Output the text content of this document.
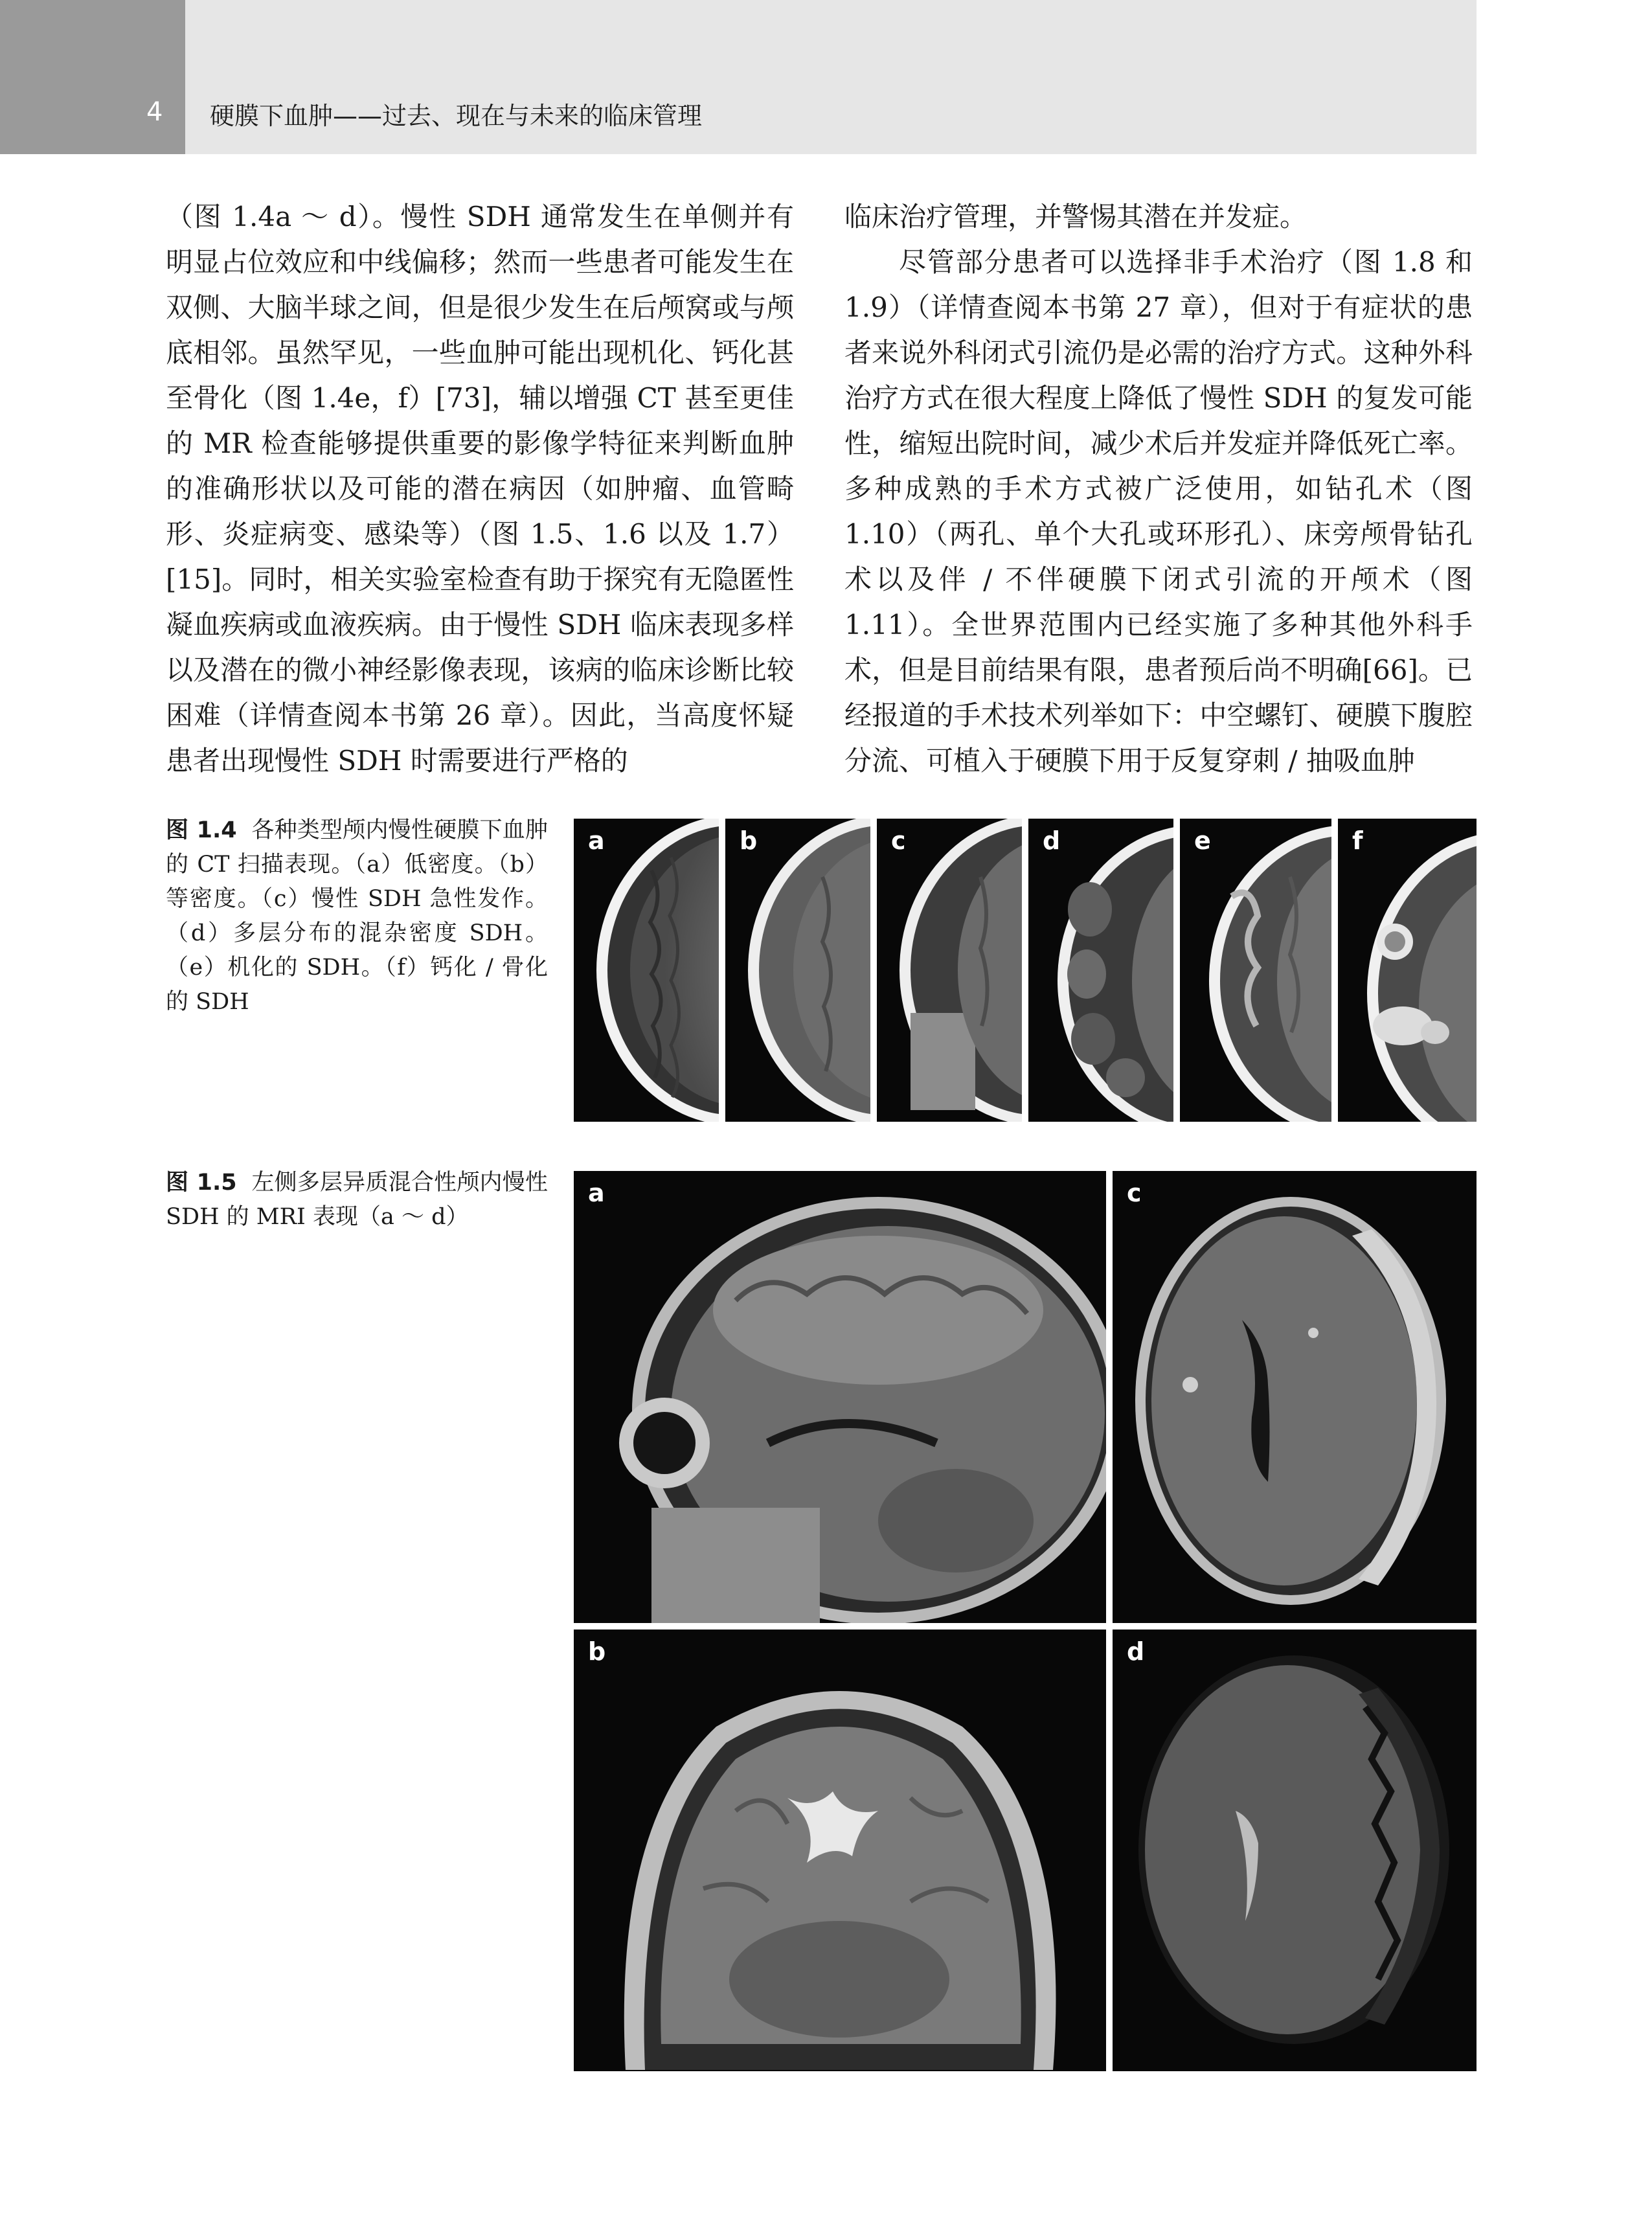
4 硬膜下血肿——过去、现在与未来的临床管理

（图 1.4a ～ d）。慢性 SDH 通常发生在单侧并有明显占位效应和中线偏移；然而一些患者可能发生在双侧、大脑半球之间，但是很少发生在后颅窝或与颅底相邻。虽然罕见，一些血肿可能出现机化、钙化甚至骨化（图 1.4e，f）[73]，辅以增强 CT 甚至更佳的 MR 检查能够提供重要的影像学特征来判断血肿的准确形状以及可能的潜在病因（如肿瘤、血管畸形、炎症病变、感染等）（图 1.5、1.6 以及 1.7）[15]。同时，相关实验室检查有助于探究有无隐匿性凝血疾病或血液疾病。由于慢性 SDH 临床表现多样以及潜在的微小神经影像表现，该病的临床诊断比较困难（详情查阅本书第 26 章）。因此，当高度怀疑患者出现慢性 SDH 时需要进行严格的

临床治疗管理，并警惕其潜在并发症。

尽管部分患者可以选择非手术治疗（图 1.8 和 1.9）（详情查阅本书第 27 章），但对于有症状的患者来说外科闭式引流仍是必需的治疗方式。这种外科治疗方式在很大程度上降低了慢性 SDH 的复发可能性，缩短出院时间，减少术后并发症并降低死亡率。多种成熟的手术方式被广泛使用，如钻孔术（图 1.10）（两孔、单个大孔或环形孔）、床旁颅骨钻孔术以及伴 / 不伴硬膜下闭式引流的开颅术（图 1.11）。全世界范围内已经实施了多种其他外科手术，但是目前结果有限，患者预后尚不明确[66]。已经报道的手术技术列举如下：中空螺钉、硬膜下腹腔分流、可植入于硬膜下用于反复穿刺 / 抽吸血肿

图 1.4 各种类型颅内慢性硬膜下血肿的 CT 扫描表现。（a）低密度。（b）等密度。（c）慢性 SDH 急性发作。（d）多层分布的混杂密度 SDH。（e）机化的 SDH。（f）钙化 / 骨化的 SDH
a	b	c	d	e	f
图 1.5 左侧多层异质混合性颅内慢性 SDH 的 MRI 表现（a ～ d）
a	c
b	d
